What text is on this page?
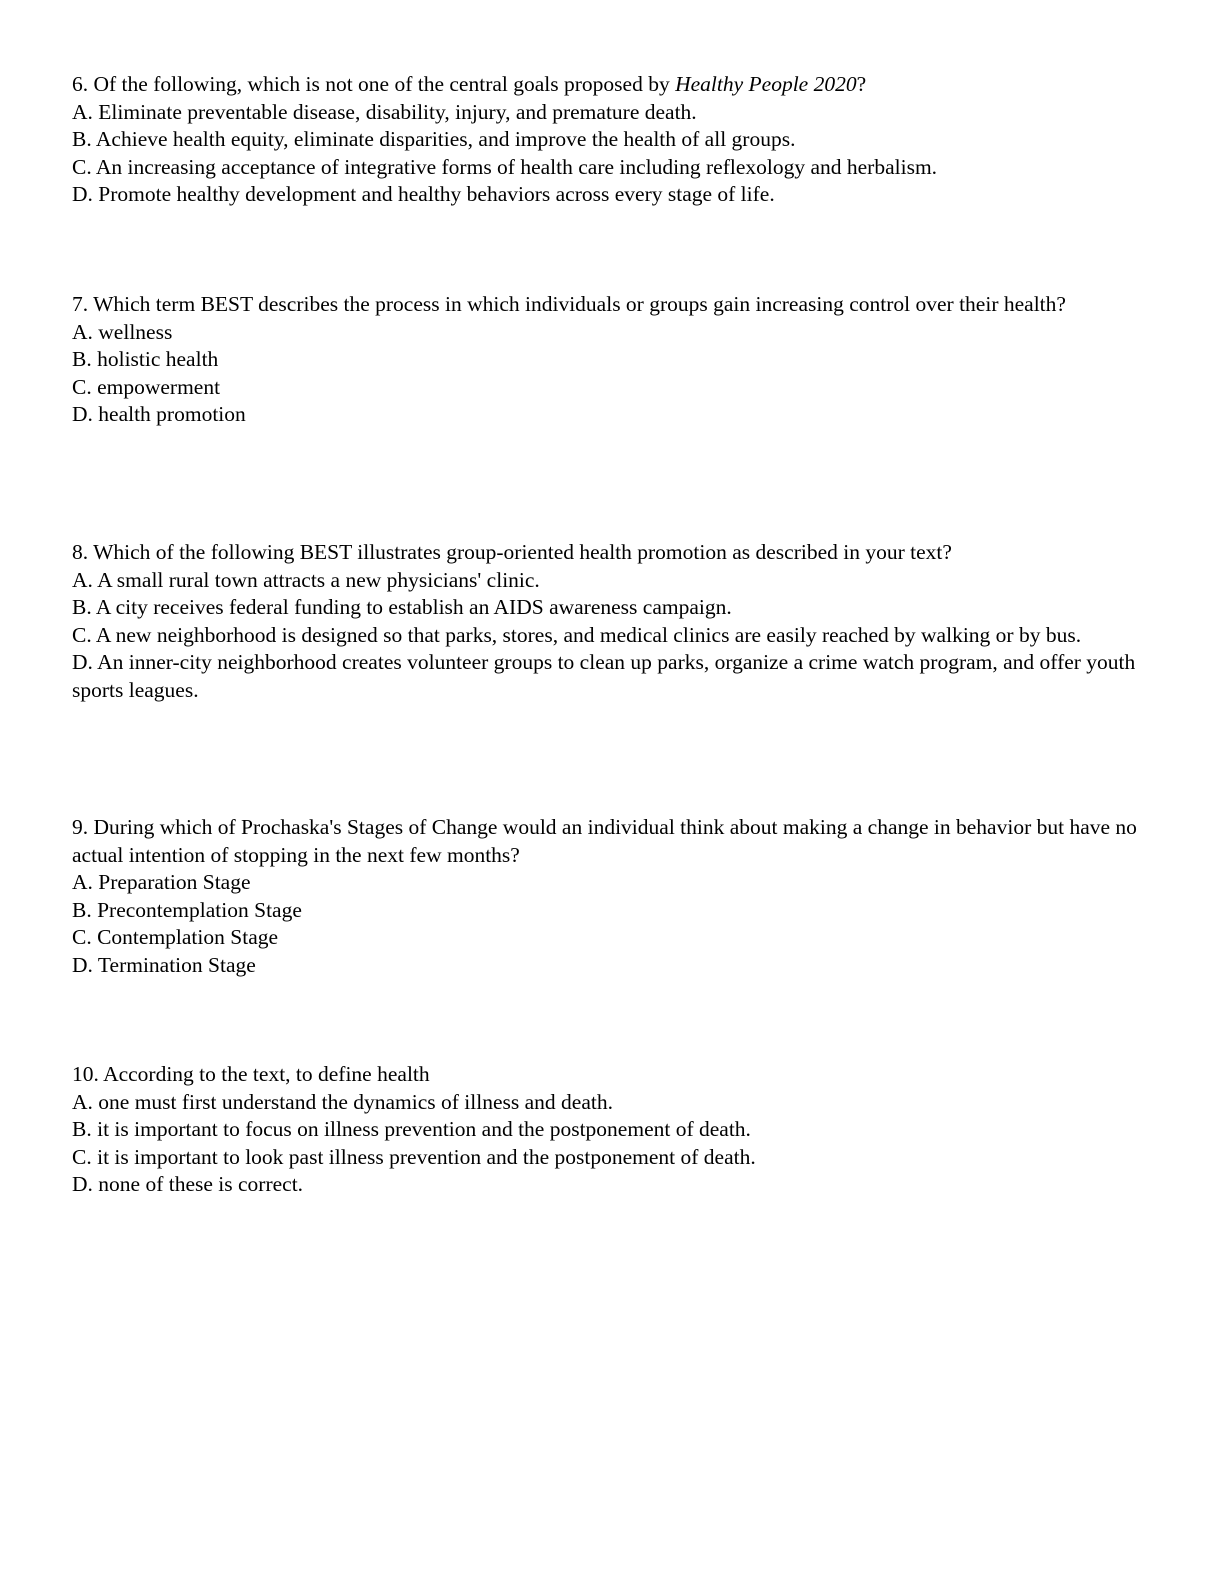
6. Of the following, which is not one of the central goals proposed by Healthy People 2020?

A. Eliminate preventable disease, disability, injury, and premature death.

B. Achieve health equity, eliminate disparities, and improve the health of all groups.

C. An increasing acceptance of integrative forms of health care including reflexology and herbalism.

D. Promote healthy development and healthy behaviors across every stage of life.

7. Which term BEST describes the process in which individuals or groups gain increasing control over their health?

A. wellness

B. holistic health

C. empowerment

D. health promotion

8. Which of the following BEST illustrates group-oriented health promotion as described in your text?

A. A small rural town attracts a new physicians' clinic.

B. A city receives federal funding to establish an AIDS awareness campaign.

C. A new neighborhood is designed so that parks, stores, and medical clinics are easily reached by walking or by bus.

D. An inner-city neighborhood creates volunteer groups to clean up parks, organize a crime watch program, and offer youth sports leagues.

9. During which of Prochaska's Stages of Change would an individual think about making a change in behavior but have no actual intention of stopping in the next few months?

A. Preparation Stage

B. Precontemplation Stage

C. Contemplation Stage

D. Termination Stage

10. According to the text, to define health

A. one must first understand the dynamics of illness and death.

B. it is important to focus on illness prevention and the postponement of death.

C. it is important to look past illness prevention and the postponement of death.

D. none of these is correct.
